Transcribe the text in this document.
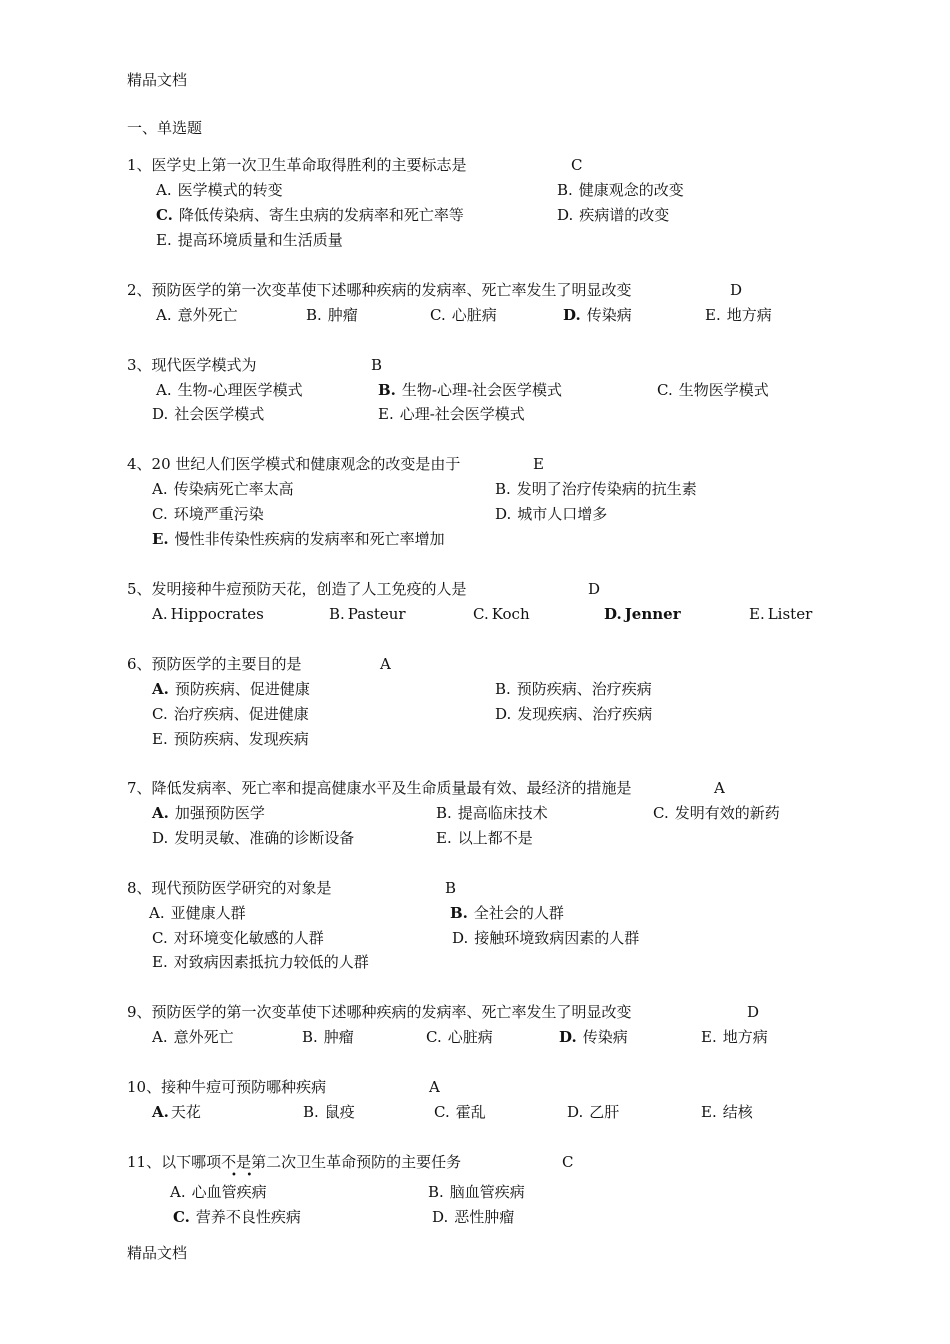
精品文档
一、单选题
1、医学史上第一次卫生革命取得胜利的主要标志是	C
A. 医学模式的转变	B. 健康观念的改变
C. 降低传染病、寄生虫病的发病率和死亡率等	D. 疾病谱的改变
E. 提高环境质量和生活质量
2、预防医学的第一次变革使下述哪种疾病的发病率、死亡率发生了明显改变	D
A. 意外死亡	B. 肿瘤	C. 心脏病	D. 传染病	E. 地方病
3、现代医学模式为	B
A. 生物-心理医学模式	B. 生物-心理-社会医学模式	C. 生物医学模式
D. 社会医学模式	E. 心理-社会医学模式
4、20 世纪人们医学模式和健康观念的改变是由于	E
A. 传染病死亡率太高	B. 发明了治疗传染病的抗生素
C. 环境严重污染	D. 城市人口增多
E. 慢性非传染性疾病的发病率和死亡率增加
5、发明接种牛痘预防天花，创造了人工免疫的人是	D
A. Hippocrates	B. Pasteur	C. Koch	D. Jenner	E. Lister
6、预防医学的主要目的是	A
A. 预防疾病、促进健康	B. 预防疾病、治疗疾病
C. 治疗疾病、促进健康	D. 发现疾病、治疗疾病
E. 预防疾病、发现疾病
7、降低发病率、死亡率和提高健康水平及生命质量最有效、最经济的措施是	A
A. 加强预防医学	B. 提高临床技术	C. 发明有效的新药
D. 发明灵敏、准确的诊断设备	E. 以上都不是
8、现代预防医学研究的对象是	B
A. 亚健康人群	B. 全社会的人群
C. 对环境变化敏感的人群	D. 接触环境致病因素的人群
E. 对致病因素抵抗力较低的人群
9、预防医学的第一次变革使下述哪种疾病的发病率、死亡率发生了明显改变	D
A. 意外死亡	B. 肿瘤	C. 心脏病	D. 传染病	E. 地方病
10、接种牛痘可预防哪种疾病	A
A. 天花	B. 鼠疫	C. 霍乱	D. 乙肝	E. 结核
11、以下哪项不是第二次卫生革命预防的主要任务
•   •
C
A. 心血管疾病	B. 脑血管疾病
C. 营养不良性疾病	D. 恶性肿瘤
精品文档
